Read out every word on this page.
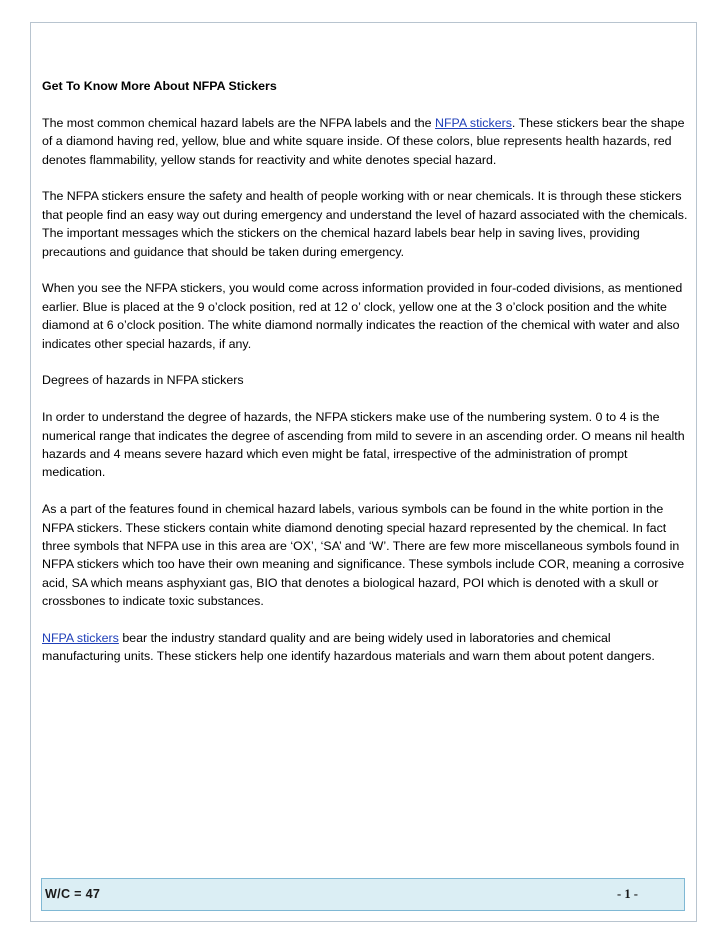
Get To Know More About NFPA Stickers

The most common chemical hazard labels are the NFPA labels and the NFPA stickers. These stickers bear the shape of a diamond having red, yellow, blue and white square inside. Of these colors, blue represents health hazards, red denotes flammability, yellow stands for reactivity and white denotes special hazard.

The NFPA stickers ensure the safety and health of people working with or near chemicals. It is through these stickers that people find an easy way out during emergency and understand the level of hazard associated with the chemicals. The important messages which the stickers on the chemical hazard labels bear help in saving lives, providing precautions and guidance that should be taken during emergency.

When you see the NFPA stickers, you would come across information provided in four-coded divisions, as mentioned earlier. Blue is placed at the 9 o’clock position, red at 12 o’ clock, yellow one at the 3 o’clock position and the white diamond at 6 o’clock position. The white diamond normally indicates the reaction of the chemical with water and also indicates other special hazards, if any.

Degrees of hazards in NFPA stickers

In order to understand the degree of hazards, the NFPA stickers make use of the numbering system. 0 to 4 is the numerical range that indicates the degree of ascending from mild to severe in an ascending order. O means nil health hazards and 4 means severe hazard which even might be fatal, irrespective of the administration of prompt medication.

As a part of the features found in chemical hazard labels, various symbols can be found in the white portion in the NFPA stickers. These stickers contain white diamond denoting special hazard represented by the chemical. In fact three symbols that NFPA use in this area are ‘OX’, ‘SA’ and ‘W’. There are few more miscellaneous symbols found in NFPA stickers which too have their own meaning and significance. These symbols include COR, meaning a corrosive acid, SA which means asphyxiant gas, BIO that denotes a biological hazard, POI which is denoted with a skull or crossbones to indicate toxic substances.

NFPA stickers bear the industry standard quality and are being widely used in laboratories and chemical manufacturing units. These stickers help one identify hazardous materials and warn them about potent dangers.

W/C = 47	- 1 -
